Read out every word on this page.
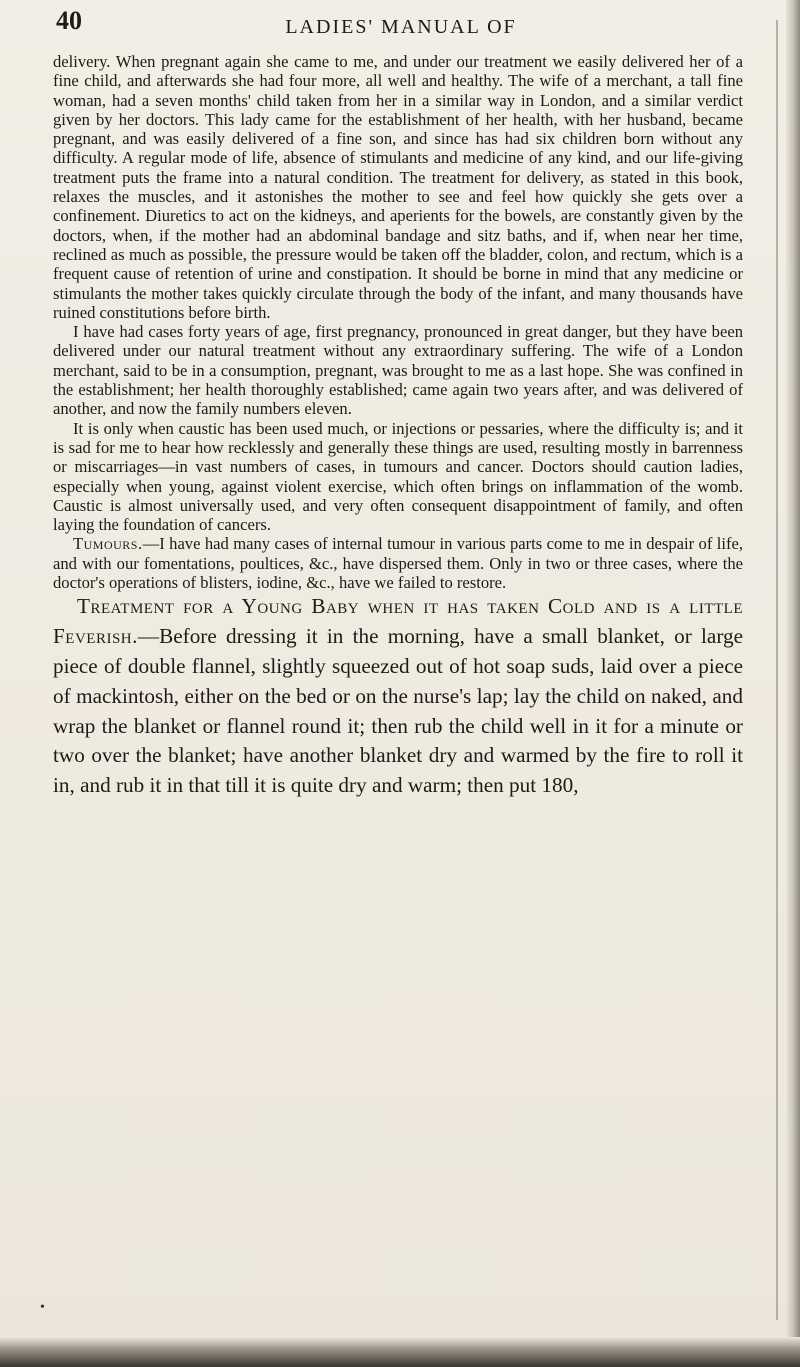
40	LADIES' MANUAL OF

delivery. When pregnant again she came to me, and under our treatment we easily delivered her of a fine child, and afterwards she had four more, all well and healthy. The wife of a merchant, a tall fine woman, had a seven months' child taken from her in a similar way in London, and a similar verdict given by her doctors. This lady came for the establishment of her health, with her husband, became pregnant, and was easily delivered of a fine son, and since has had six children born without any difficulty. A regular mode of life, absence of stimulants and medicine of any kind, and our life-giving treatment puts the frame into a natural condition. The treatment for delivery, as stated in this book, relaxes the muscles, and it astonishes the mother to see and feel how quickly she gets over a confinement. Diuretics to act on the kidneys, and aperients for the bowels, are constantly given by the doctors, when, if the mother had an abdominal bandage and sitz baths, and if, when near her time, reclined as much as possible, the pressure would be taken off the bladder, colon, and rectum, which is a frequent cause of retention of urine and constipation. It should be borne in mind that any medicine or stimulants the mother takes quickly circulate through the body of the infant, and many thousands have ruined constitutions before birth.

I have had cases forty years of age, first pregnancy, pronounced in great danger, but they have been delivered under our natural treatment without any extraordinary suffering. The wife of a London merchant, said to be in a consumption, pregnant, was brought to me as a last hope. She was confined in the establishment; her health thoroughly established; came again two years after, and was delivered of another, and now the family numbers eleven.

It is only when caustic has been used much, or injections or pessaries, where the difficulty is; and it is sad for me to hear how recklessly and generally these things are used, resulting mostly in barrenness or miscarriages—in vast numbers of cases, in tumours and cancer. Doctors should caution ladies, especially when young, against violent exercise, which often brings on inflammation of the womb. Caustic is almost universally used, and very often consequent disappointment of family, and often laying the foundation of cancers.

Tumours.—I have had many cases of internal tumour in various parts come to me in despair of life, and with our fomentations, poultices, &c., have dispersed them. Only in two or three cases, where the doctor's operations of blisters, iodine, &c., have we failed to restore.

Treatment for a Young Baby when it has taken Cold and is a little Feverish.—Before dressing it in the morning, have a small blanket, or large piece of double flannel, slightly squeezed out of hot soap suds, laid over a piece of mackintosh, either on the bed or on the nurse's lap; lay the child on naked, and wrap the blanket or flannel round it; then rub the child well in it for a minute or two over the blanket; have another blanket dry and warmed by the fire to roll it in, and rub it in that till it is quite dry and warm; then put 180,

•
